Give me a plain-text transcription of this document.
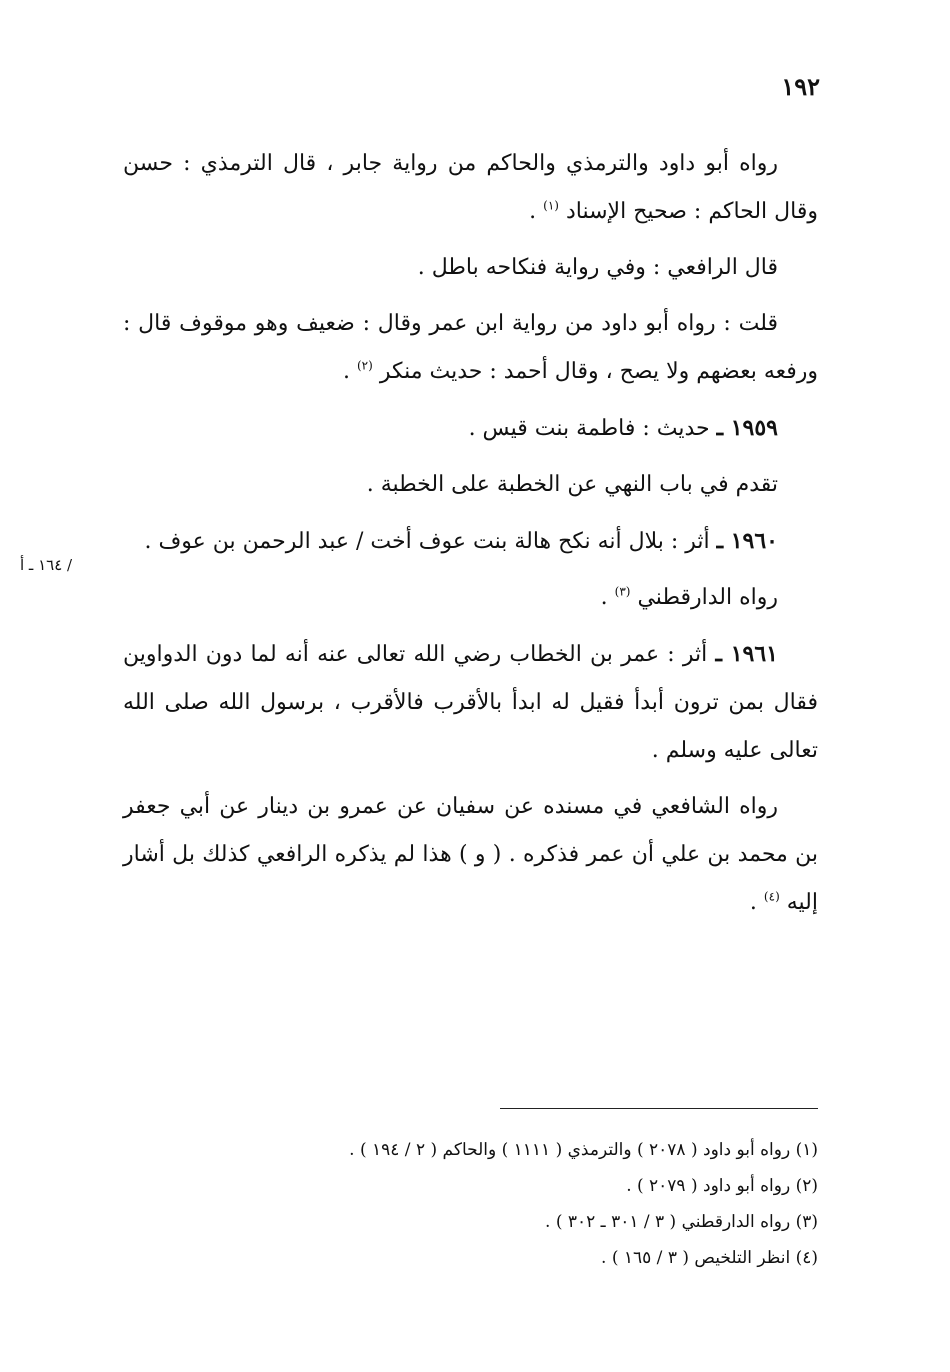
١٩٢
/ ١٦٤ ـ أ

رواه أبو داود والترمذي والحاكم من رواية جابر ، قال الترمذي : حسن وقال الحاكم : صحيح الإسناد $^{(١)}$ .

قال الرافعي : وفي رواية فنكاحه باطل .

قلت : رواه أبو داود من رواية ابن عمر وقال : ضعيف وهو موقوف قال : ورفعه بعضهم ولا يصح ، وقال أحمد : حديث منكر $^{(٢)}$ .

١٩٥٩ ـ حديث : فاطمة بنت قيس .

تقدم في باب النهي عن الخطبة على الخطبة .

١٩٦٠ ـ أثر : بلال أنه نكح هالة بنت عوف أخت / عبد الرحمن بن عوف .

رواه الدارقطني $^{(٣)}$ .

١٩٦١ ـ أثر : عمر بن الخطاب رضي الله تعالى عنه أنه لما دون الدواوين فقال بمن ترون أبدأ فقيل له ابدأ بالأقرب فالأقرب ، برسول الله صلى الله تعالى عليه وسلم .

رواه الشافعي في مسنده عن سفيان عن عمرو بن دينار عن أبي جعفر بن محمد بن علي أن عمر فذكره . ( و ) هذا لم يذكره الرافعي كذلك بل أشار إليه $^{(٤)}$ .

(١) رواه أبو داود ( ٢٠٧٨ ) والترمذي ( ١١١١ ) والحاكم ( ٢ / ١٩٤ ) .

(٢) رواه أبو داود ( ٢٠٧٩ ) .

(٣) رواه الدارقطني ( ٣ / ٣٠١ ـ ٣٠٢ ) .

(٤) انظر التلخيص ( ٣ / ١٦٥ ) .
